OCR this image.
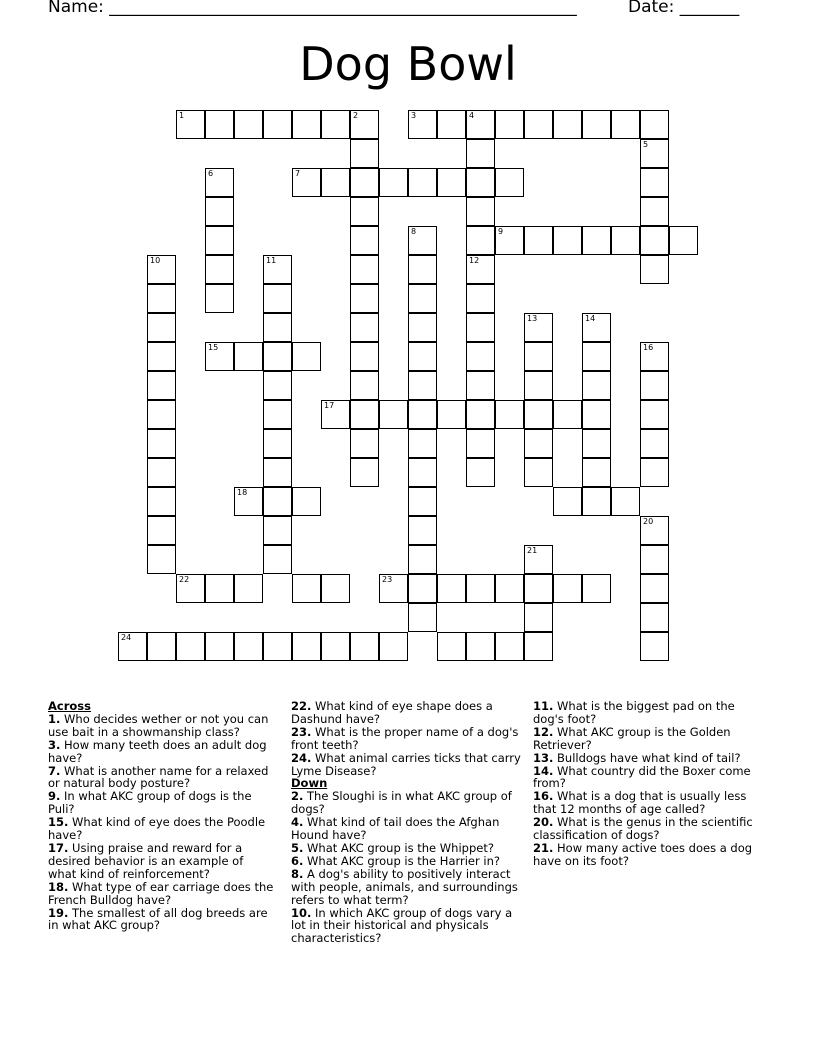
Name: _______________________________________________________	Date: _______
Dog Bowl
1	2	3	4
5
6	7
8	9
10	11	12
13	14
16
15
17
18
20
21
22	23
24
Across
1. Who decides wether or not you can use bait in a showmanship class?
3. How many teeth does an adult dog have?
7. What is another name for a relaxed or natural body posture?
9. In what AKC group of dogs is the Puli?
15. What kind of eye does the Poodle have?
17. Using praise and reward for a desired behavior is an example of what kind of reinforcement?
18. What type of ear carriage does the French Bulldog have?
19. The smallest of all dog breeds are in what AKC group?
22. What kind of eye shape does a Dashund have?
23. What is the proper name of a dog's front teeth?
24. What animal carries ticks that carry Lyme Disease?
Down
2. The Sloughi is in what AKC group of dogs?
4. What kind of tail does the Afghan Hound have?
5. What AKC group is the Whippet?
6. What AKC group is the Harrier in?
8. A dog's ability to positively interact with people, animals, and surroundings refers to what term?
10. In which AKC group of dogs vary a lot in their historical and physicals characteristics?
11. What is the biggest pad on the dog's foot?
12. What AKC group is the Golden Retriever?
13. Bulldogs have what kind of tail?
14. What country did the Boxer come from?
16. What is a dog that is usually less that 12 months of age called?
20. What is the genus in the scientific classification of dogs?
21. How many active toes does a dog have on its foot?
